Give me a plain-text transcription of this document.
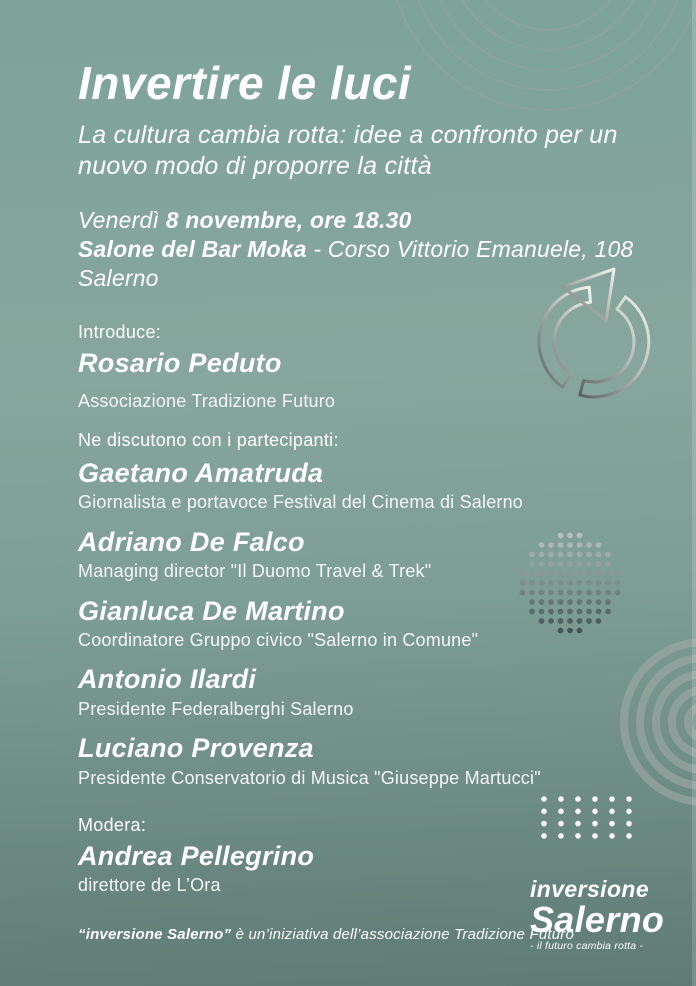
Invertire le luci
La cultura cambia rotta: idee a confronto per un nuovo modo di proporre la città
Venerdì 8 novembre, ore 18.30
Salone del Bar Moka - Corso Vittorio Emanuele, 108
Salerno
Introduce:
Rosario Peduto
Associazione Tradizione Futuro
Ne discutono con i partecipanti:
Gaetano Amatruda
Giornalista e portavoce Festival del Cinema di Salerno
Adriano De Falco
Managing director "Il Duomo Travel & Trek"
Gianluca De Martino
Coordinatore Gruppo civico "Salerno in Comune"
Antonio Ilardi
Presidente Federalberghi Salerno
Luciano Provenza
Presidente Conservatorio di Musica "Giuseppe Martucci"
Modera:
Andrea Pellegrino
direttore de L’Ora
“inversione Salerno” è un’iniziativa dell’associazione Tradizione Futuro
inversione
Salerno
- il futuro cambia rotta -
